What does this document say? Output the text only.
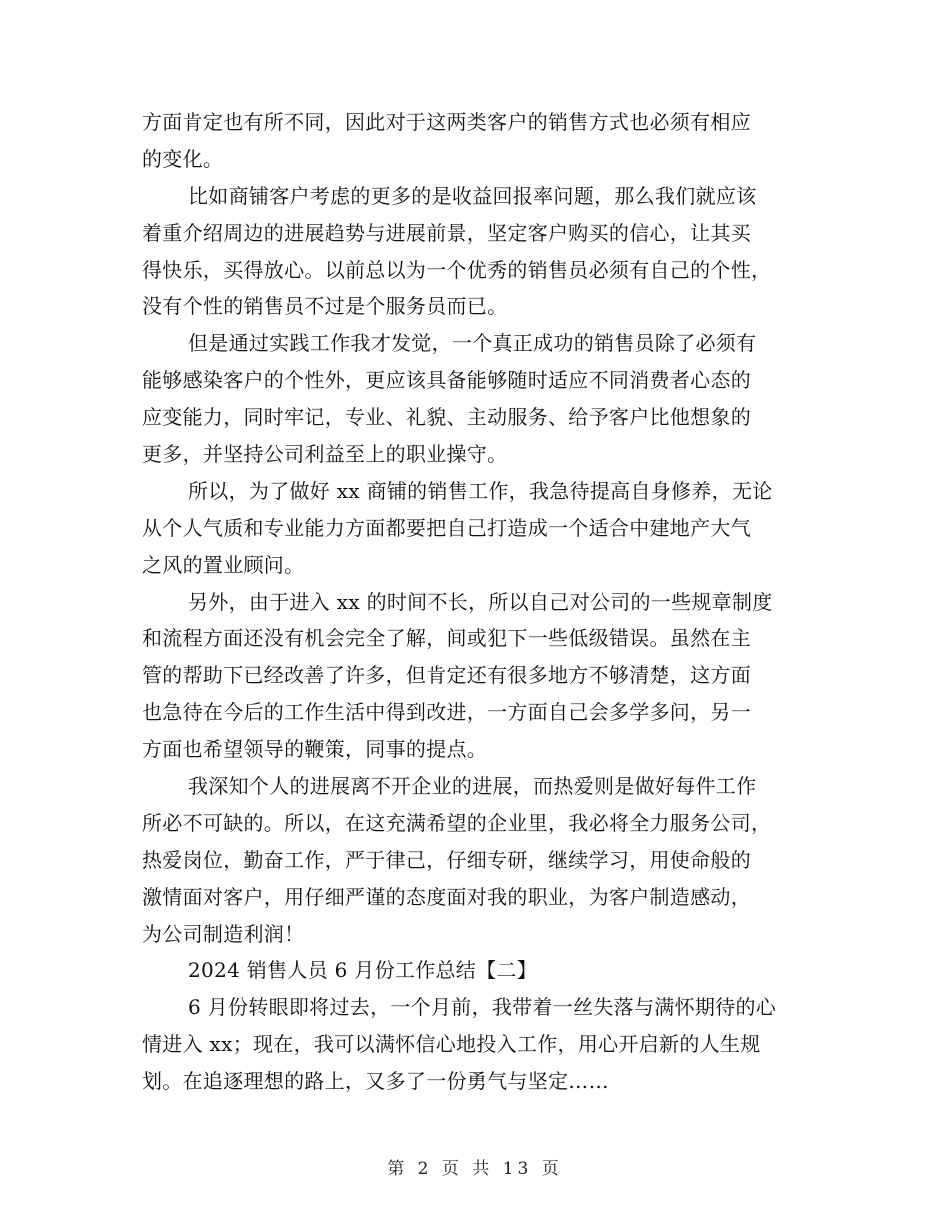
方面肯定也有所不同，因此对于这两类客户的销售方式也必须有相应
的变化。
比如商铺客户考虑的更多的是收益回报率问题，那么我们就应该
着重介绍周边的进展趋势与进展前景，坚定客户购买的信心，让其买
得快乐，买得放心。以前总以为一个优秀的销售员必须有自己的个性，
没有个性的销售员不过是个服务员而已。
但是通过实践工作我才发觉，一个真正成功的销售员除了必须有
能够感染客户的个性外，更应该具备能够随时适应不同消费者心态的
应变能力，同时牢记，专业、礼貌、主动服务、给予客户比他想象的
更多，并坚持公司利益至上的职业操守。
所以，为了做好 xx 商铺的销售工作，我急待提高自身修养，无论
从个人气质和专业能力方面都要把自己打造成一个适合中建地产大气
之风的置业顾问。
另外，由于进入 xx 的时间不长，所以自己对公司的一些规章制度
和流程方面还没有机会完全了解，间或犯下一些低级错误。虽然在主
管的帮助下已经改善了许多，但肯定还有很多地方不够清楚，这方面
也急待在今后的工作生活中得到改进，一方面自己会多学多问，另一
方面也希望领导的鞭策，同事的提点。
我深知个人的进展离不开企业的进展，而热爱则是做好每件工作
所必不可缺的。所以，在这充满希望的企业里，我必将全力服务公司，
热爱岗位，勤奋工作，严于律己，仔细专研，继续学习，用使命般的
激情面对客户，用仔细严谨的态度面对我的职业，为客户制造感动，
为公司制造利润！
2024 销售人员 6 月份工作总结【二】
6 月份转眼即将过去，一个月前，我带着一丝失落与满怀期待的心
情进入 xx；现在，我可以满怀信心地投入工作，用心开启新的人生规
划。在追逐理想的路上，又多了一份勇气与坚定……
第 2 页 共 13 页
